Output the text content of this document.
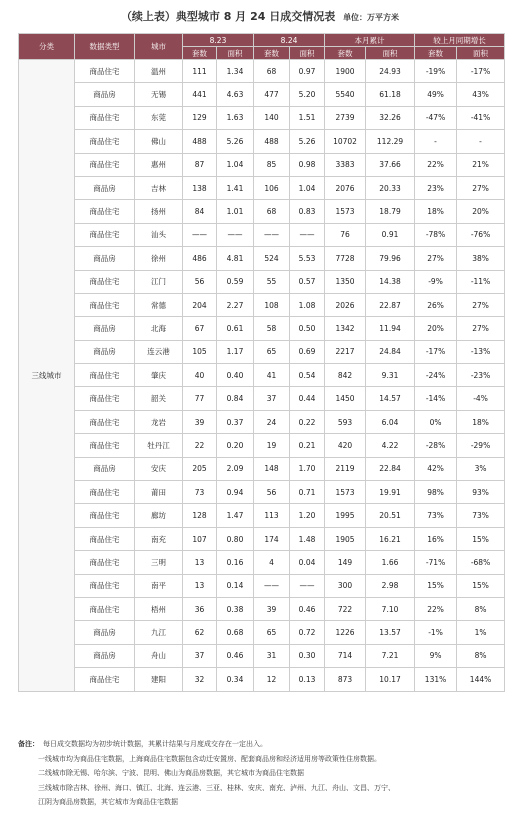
（续上表）典型城市 8 月 24 日成交情况表 单位：万平方米
分类	数据类型	城市	8.23		8.24		本月累计		较上月同期增长	
			套数	面积	套数	面积	套数	面积	套数	面积
三线城市	商品住宅	温州	111	1.34	68	0.97	1900	24.93	-19%	-17%
	商品房	无锡	441	4.63	477	5.20	5540	61.18	49%	43%
	商品住宅	东莞	129	1.63	140	1.51	2739	32.26	-47%	-41%
	商品住宅	佛山	488	5.26	488	5.26	10702	112.29	-	-
	商品住宅	惠州	87	1.04	85	0.98	3383	37.66	22%	21%
	商品房	吉林	138	1.41	106	1.04	2076	20.33	23%	27%
	商品住宅	扬州	84	1.01	68	0.83	1573	18.79	18%	20%
	商品住宅	汕头	——	——	——	——	76	0.91	-78%	-76%
	商品房	徐州	486	4.81	524	5.53	7728	79.96	27%	38%
	商品住宅	江门	56	0.59	55	0.57	1350	14.38	-9%	-11%
	商品住宅	常德	204	2.27	108	1.08	2026	22.87	26%	27%
	商品房	北海	67	0.61	58	0.50	1342	11.94	20%	27%
	商品房	连云港	105	1.17	65	0.69	2217	24.84	-17%	-13%
	商品住宅	肇庆	40	0.40	41	0.54	842	9.31	-24%	-23%
	商品住宅	韶关	77	0.84	37	0.44	1450	14.57	-14%	-4%
	商品住宅	龙岩	39	0.37	24	0.22	593	6.04	0%	18%
	商品住宅	牡丹江	22	0.20	19	0.21	420	4.22	-28%	-29%
	商品房	安庆	205	2.09	148	1.70	2119	22.84	42%	3%
	商品住宅	莆田	73	0.94	56	0.71	1573	19.91	98%	93%
	商品住宅	廊坊	128	1.47	113	1.20	1995	20.51	73%	73%
	商品住宅	南充	107	0.80	174	1.48	1905	16.21	16%	15%
	商品住宅	三明	13	0.16	4	0.04	149	1.66	-71%	-68%
	商品住宅	南平	13	0.14	——	——	300	2.98	15%	15%
	商品住宅	梧州	36	0.38	39	0.46	722	7.10	22%	8%
	商品房	九江	62	0.68	65	0.72	1226	13.57	-1%	1%
	商品房	舟山	37	0.46	31	0.30	714	7.21	9%	8%
	商品住宅	建阳	32	0.34	12	0.13	873	10.17	131%	144%
备注： 每日成交数据均为初步统计数据，其累计结果与月度成交存在一定出入。
一线城市均为商品住宅数据，上海商品住宅数据包含动迁安置房、配套商品房和经济适用房等政策性住房数据。
二线城市除无锡、哈尔滨、宁波、昆明、佛山为商品房数据，其它城市为商品住宅数据
三线城市除吉林、徐州、海口、镇江、北海、连云港、三亚、桂林、安庆、南充、泸州、九江、舟山、文昌、万宁、
江阴为商品房数据，其它城市为商品住宅数据
